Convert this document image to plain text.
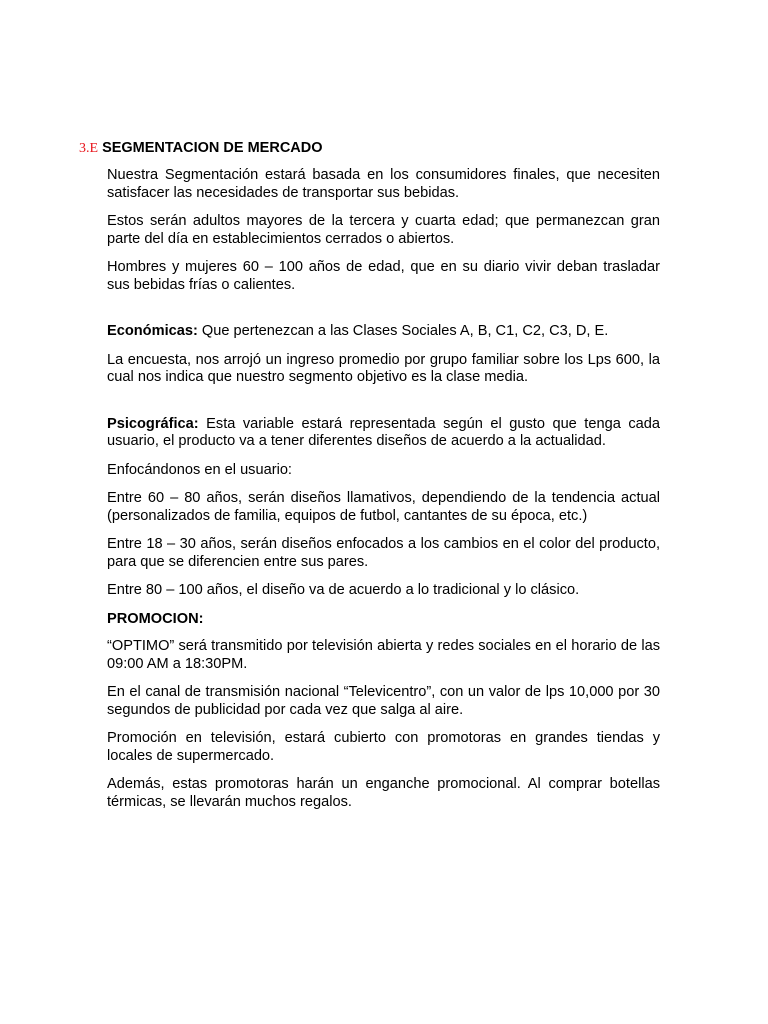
3.E SEGMENTACION DE MERCADO

Nuestra Segmentación estará basada en los consumidores finales, que necesiten satisfacer las necesidades de transportar sus bebidas.

Estos serán adultos mayores de la tercera y cuarta edad; que permanezcan gran parte del día en establecimientos cerrados o abiertos.

Hombres y mujeres 60 – 100 años de edad, que en su diario vivir deban trasladar sus bebidas frías o calientes.

Económicas: Que pertenezcan a las Clases Sociales A, B, C1, C2, C3, D, E.

La encuesta, nos arrojó un ingreso promedio por grupo familiar sobre los Lps 600, la cual nos indica que nuestro segmento objetivo es la clase media.

Psicográfica: Esta variable estará representada según el gusto que tenga cada usuario, el producto va a tener diferentes diseños de acuerdo a la actualidad.

Enfocándonos en el usuario:

Entre 60 – 80 años, serán diseños llamativos, dependiendo de la tendencia actual (personalizados de familia, equipos de futbol, cantantes de su época, etc.)

Entre 18 – 30 años, serán diseños enfocados a los cambios en el color del producto, para que se diferencien entre sus pares.

Entre 80 – 100 años, el diseño va de acuerdo a lo tradicional y lo clásico.

PROMOCION:

“OPTIMO” será transmitido por televisión abierta y redes sociales en el horario de las 09:00 AM a 18:30PM.

En el canal de transmisión nacional “Televicentro”, con un valor de lps 10,000 por 30 segundos de publicidad por cada vez que salga al aire.

Promoción en televisión, estará cubierto con promotoras en grandes tiendas y locales de supermercado.

Además, estas promotoras harán un enganche promocional. Al comprar botellas térmicas, se llevarán muchos regalos.
